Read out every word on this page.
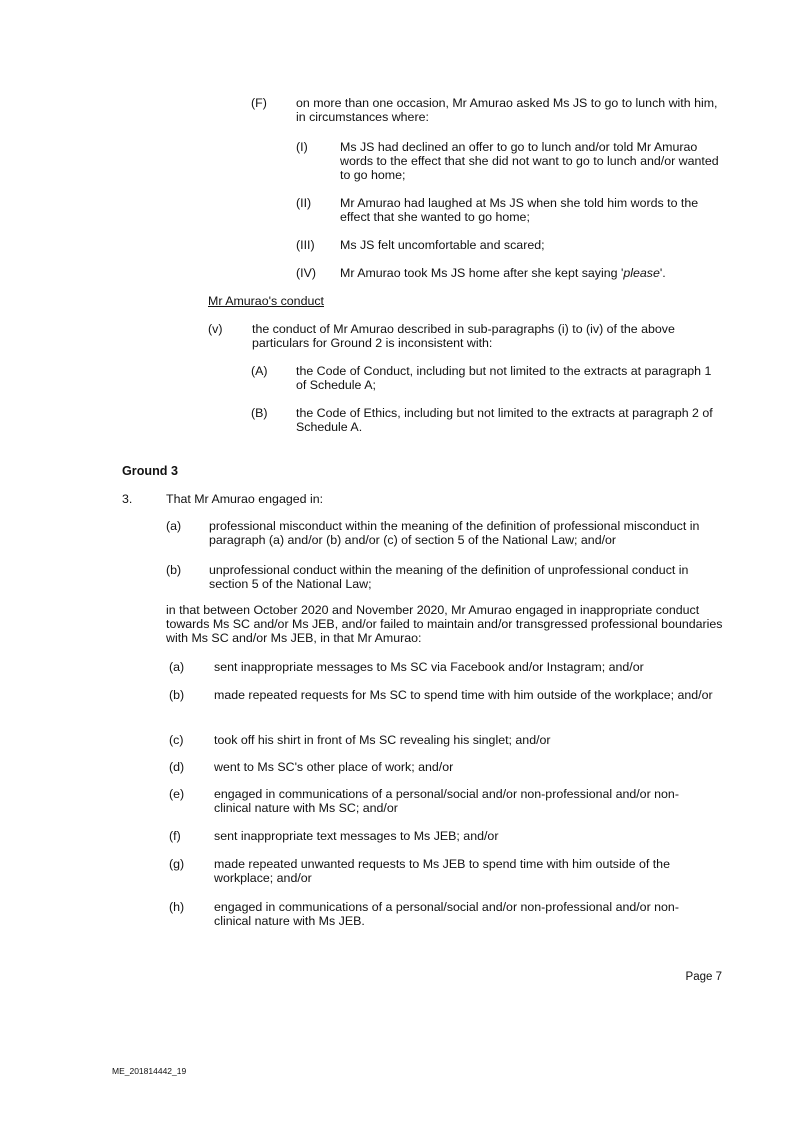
(F) on more than one occasion, Mr Amurao asked Ms JS to go to lunch with him, in circumstances where:
(I)	Ms JS had declined an offer to go to lunch and/or told Mr Amurao words to the effect that she did not want to go to lunch and/or wanted to go home;
(II) Mr Amurao had laughed at Ms JS when she told him words to the effect that she wanted to go home;
(III) Ms JS felt uncomfortable and scared;
(IV) Mr Amurao took Ms JS home after she kept saying 'please'.
Mr Amurao's conduct
(v) the conduct of Mr Amurao described in sub-paragraphs (i) to (iv) of the above particulars for Ground 2 is inconsistent with:
(A) the Code of Conduct, including but not limited to the extracts at paragraph 1 of Schedule A;
(B) the Code of Ethics, including but not limited to the extracts at paragraph 2 of Schedule A.
Ground 3
3.	That Mr Amurao engaged in:
(a) professional misconduct within the meaning of the definition of professional misconduct in paragraph (a) and/or (b) and/or (c) of section 5 of the National Law; and/or
(b) unprofessional conduct within the meaning of the definition of unprofessional conduct in section 5 of the National Law;
in that between October 2020 and November 2020, Mr Amurao engaged in inappropriate conduct towards Ms SC and/or Ms JEB, and/or failed to maintain and/or transgressed professional boundaries with Ms SC and/or Ms JEB, in that Mr Amurao:
(a) sent inappropriate messages to Ms SC via Facebook and/or Instagram; and/or
(b) made repeated requests for Ms SC to spend time with him outside of the workplace; and/or
(c) took off his shirt in front of Ms SC revealing his singlet; and/or
(d) went to Ms SC's other place of work; and/or
(e) engaged in communications of a personal/social and/or non-professional and/or non-clinical nature with Ms SC; and/or
(f)	sent inappropriate text messages to Ms JEB; and/or
(g) made repeated unwanted requests to Ms JEB to spend time with him outside of the workplace; and/or
(h) engaged in communications of a personal/social and/or non-professional and/or non-clinical nature with Ms JEB.
Page 7
ME_201814442_19
